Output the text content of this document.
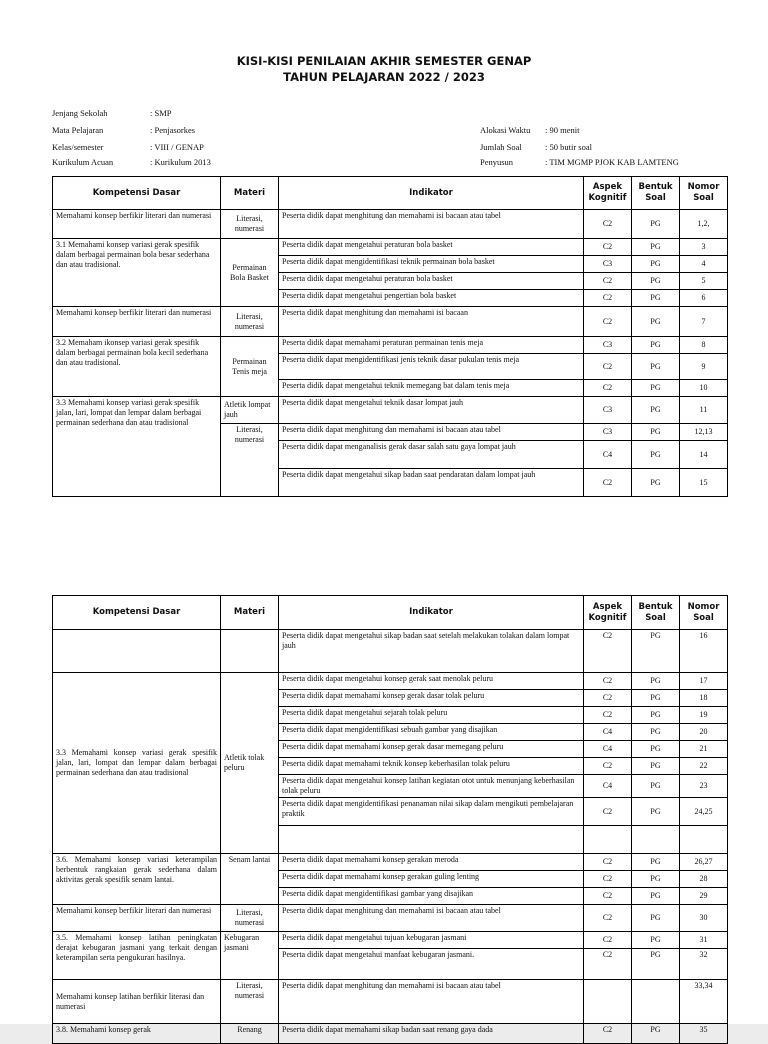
KISI-KISI PENILAIAN AKHIR SEMESTER GENAP
TAHUN PELAJARAN 2022 / 2023
Jenjang Sekolah	: SMP
Mata Pelajaran	: Penjasorkes
Kelas/semester	: VIII / GENAP
Kurikulum Acuan	: Kurikulum 2013
Alokasi Waktu : 90 menit
Jumlah Soal	: 50 butir soal
Penyusun	: TIM MGMP PJOK KAB LAMTENG
Kompetensi Dasar	Materi	Indikator	Aspek Kognitif	Bentuk Soal	Nomor Soal
Memahami konsep berfikir literari dan numerasi	Literasi, numerasi	Peserta didik dapat menghitung dan memahami isi bacaan atau tabel	C2	PG	1,2,
3.1 Memahami konsep variasi gerak spesifik dalam berbagai permainan bola besar sederhana dan atau tradisional.	Permainan Bola Basket	Peserta didik dapat mengetahui peraturan bola basket	C2	PG	3
		Peserta didik dapat mengidentifikasi teknik permainan bola basket	C3	PG	4
		Peserta didik dapat mengetahui peraturan bola basket	C2	PG	5
		Peserta didik dapat mengetahui pengertian bola basket	C2	PG	6
Memahami konsep berfikir literari dan numerasi	Literasi, numerasi	Peserta didik dapat menghitung dan memahami isi bacaan	C2	PG	7
3.2 Memaham ikonsep variasi gerak spesifik dalam berbagai permainan bola kecil sederhana dan atau tradisional.	Permainan Tenis meja	Peserta didik dapat memahami peraturan permainan tenis meja	C3	PG	8
		Peserta didik dapat mengidentifikasi jenis teknik dasar pukulan tenis meja	C2	PG	9
		Peserta didik dapat mengetahui teknik memegang bat dalam tenis meja	C2	PG	10
3.3 Memahami konsep variasi gerak spesifik jalan, lari, lompat dan lempar dalam berbagai permainan sederhana dan atau tradisional	Atletik lompat jauh	Peserta didik dapat mengetahui teknik dasar lompat jauh	C3	PG	11
	Literasi, numerasi	Peserta didik dapat menghitung dan memahami isi bacaan atau tabel	C3	PG	12,13
		Peserta didik dapat menganalisis gerak dasar salah satu gaya lompat jauh	C4	PG	14
		Peserta didik dapat mengetahui sikap badan saat pendaratan dalam lompat jauh	C2	PG	15
Kompetensi Dasar	Materi	Indikator	Aspek Kognitif	Bentuk Soal	Nomor Soal
		Peserta didik dapat mengetahui sikap badan saat setelah melakukan tolakan dalam lompat jauh	C2	PG	16
3.3 Memahami konsep variasi gerak spesifik jalan, lari, lompat dan lempar dalam berbagai permainan sederhana dan atau tradisional	Atletik tolak peluru	Peserta didik dapat mengetahui konsep gerak saat menolak peluru	C2	PG	17
		Peserta didik dapat memahami konsep gerak dasar tolak peluru	C2	PG	18
		Peserta didik dapat mengetahui sejarah tolak peluru	C2	PG	19
		Peserta didik dapat mengidentifikasi sebuah gambar yang disajikan	C4	PG	20
		Peserta didik dapat memahami konsep gerak dasar memegang peluru	C4	PG	21
		Peserta didik dapat memahami teknik konsep keberhasilan tolak peluru	C2	PG	22
		Peserta didik dapat mengetahui konsep latihan kegiatan otot untuk menunjang keberhasilan tolak peluru	C4	PG	23
		Peserta didik dapat mengidentifikasi penanaman nilai sikap dalam mengikuti pembelajaran praktik	C2	PG	24,25

3.6. Memahami konsep variasi keterampilan berbentuk rangkaian gerak sederhana dalam aktivitas gerak spesifik senam lantai.	Senam lantai	Peserta didik dapat memahami konsep gerakan meroda	C2	PG	26,27
		Peserta didik dapat memahami konsep gerakan guling lenting	C2	PG	28
		Peserta didik dapat mengidentifikasi gambar yang disajikan	C2	PG	29
Memahami konsep berfikir literari dan numerasi	Literasi, numerasi	Peserta didik dapat menghitung dan memahami isi bacaan atau tabel	C2	PG	30
3.5. Memahami konsep latihan peningkatan derajat kebugaran jasmani yang terkait dengan keterampilan serta pengukuran hasilnya.	Kebugaran jasmani	Peserta didik dapat mengetahui tujuan kebugaran jasmani	C2	PG	31
		Peserta didik dapat mengetahui manfaat kebugaran jasmani.	C2	PG	32
Memahami konsep latihan berfikir literasi dan numerasi	Literasi, numerasi	Peserta didik dapat menghitung dan memahami isi bacaan atau tabel			33,34
3.8. Memahami konsep gerak	Renang	Peserta didik dapat memahami sikap badan saat renang gaya dada	C2	PG	35
